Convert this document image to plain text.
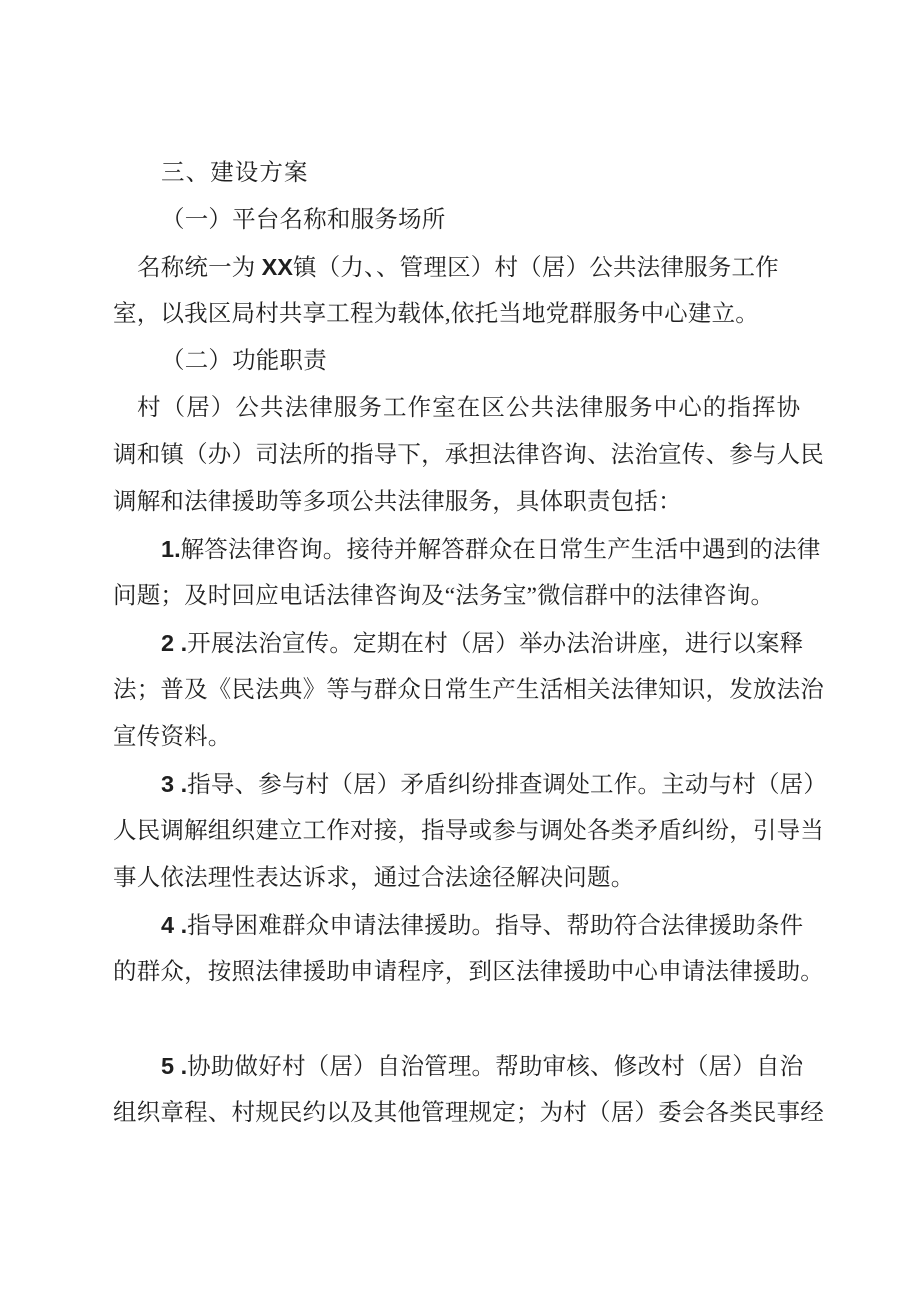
三、建设方案
（一）平台名称和服务场所
名称统一为 XX镇（力、、管理区）村（居）公共法律服务工作
室，以我区局村共享工程为载体,依托当地党群服务中心建立。
（二）功能职责
村（居）公共法律服务工作室在区公共法律服务中心的指挥协
调和镇（办）司法所的指导下，承担法律咨询、法治宣传、参与人民
调解和法律援助等多项公共法律服务，具体职责包括：
1.解答法律咨询。接待并解答群众在日常生产生活中遇到的法律
问题；及时回应电话法律咨询及“法务宝”微信群中的法律咨询。
2 .开展法治宣传。定期在村（居）举办法治讲座，进行以案释
法；普及《民法典》等与群众日常生产生活相关法律知识，发放法治
宣传资料。
3 .指导、参与村（居）矛盾纠纷排查调处工作。主动与村（居）
人民调解组织建立工作对接，指导或参与调处各类矛盾纠纷，引导当
事人依法理性表达诉求，通过合法途径解决问题。
4 .指导困难群众申请法律援助。指导、帮助符合法律援助条件
的群众，按照法律援助申请程序，到区法律援助中心申请法律援助。
5 .协助做好村（居）自治管理。帮助审核、修改村（居）自治
组织章程、村规民约以及其他管理规定；为村（居）委会各类民事经
